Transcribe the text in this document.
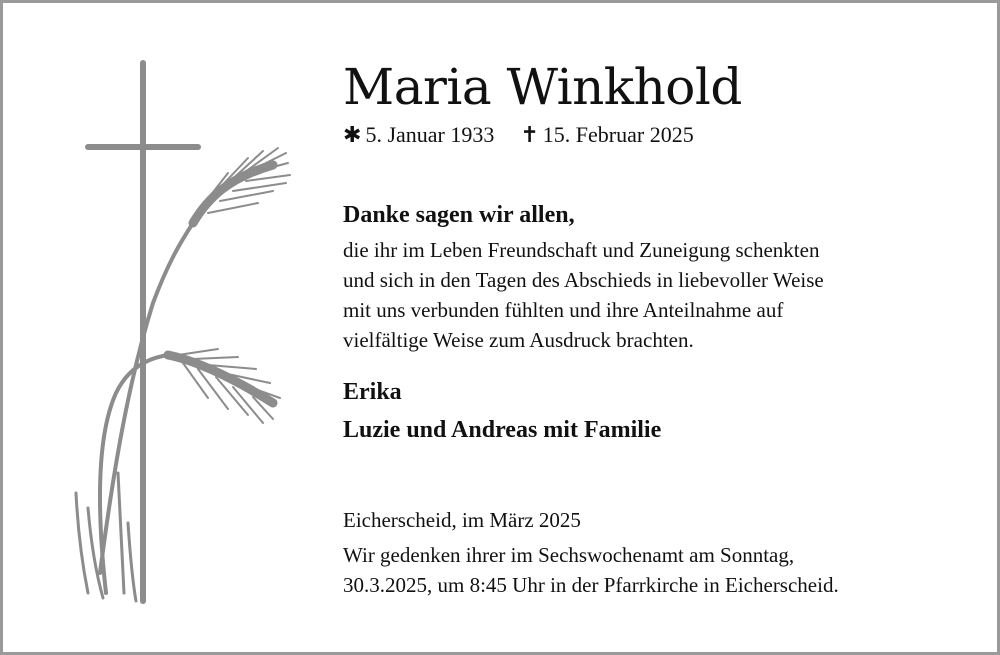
Maria Winkhold
✱ 5. Januar 1933 ✝ 15. Februar 2025
Danke sagen wir allen,
die ihr im Leben Freundschaft und Zuneigung schenkten
und sich in den Tagen des Abschieds in liebevoller Weise
mit uns verbunden fühlten und ihre Anteilnahme auf
vielfältige Weise zum Ausdruck brachten.
Erika
Luzie und Andreas mit Familie
Eicherscheid, im März 2025
Wir gedenken ihrer im Sechswochenamt am Sonntag,
30.3.2025, um 8:45 Uhr in der Pfarrkirche in Eicherscheid.
